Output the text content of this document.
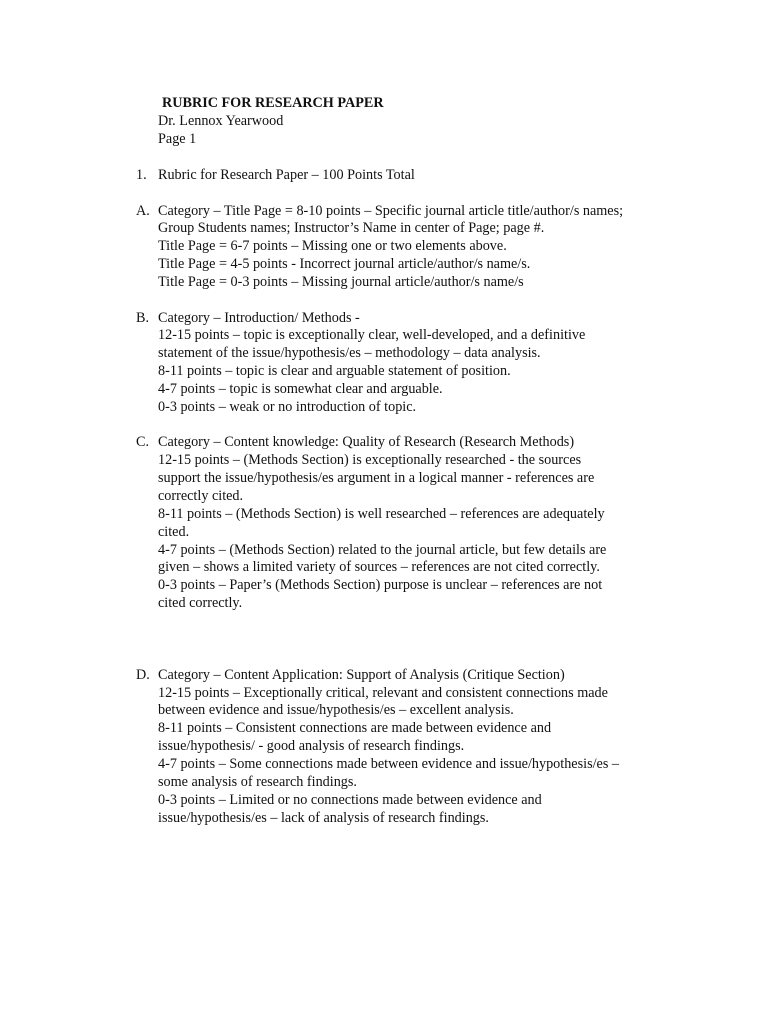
RUBRIC FOR RESEARCH PAPER
Dr. Lennox Yearwood
Page 1
1. Rubric for Research Paper – 100 Points Total
A. Category – Title Page = 8-10 points – Specific journal article title/author/s names;
Group Students names; Instructor’s Name in center of Page; page #.
Title Page = 6-7 points – Missing one or two elements above.
Title Page = 4-5 points - Incorrect journal article/author/s name/s.
Title Page = 0-3 points – Missing journal article/author/s name/s
B. Category – Introduction/ Methods -
12-15 points – topic is exceptionally clear, well-developed, and a definitive
statement of the issue/hypothesis/es – methodology – data analysis.
8-11 points – topic is clear and arguable statement of position.
4-7 points – topic is somewhat clear and arguable.
0-3 points – weak or no introduction of topic.
C. Category – Content knowledge: Quality of Research (Research Methods)
12-15 points – (Methods Section) is exceptionally researched - the sources
support the issue/hypothesis/es argument in a logical manner - references are
correctly cited.
8-11 points – (Methods Section) is well researched – references are adequately
cited.
4-7 points – (Methods Section) related to the journal article, but few details are
given – shows a limited variety of sources – references are not cited correctly.
0-3 points – Paper’s (Methods Section) purpose is unclear – references are not
cited correctly.
D. Category – Content Application: Support of Analysis (Critique Section)
12-15 points – Exceptionally critical, relevant and consistent connections made
between evidence and issue/hypothesis/es – excellent analysis.
8-11 points – Consistent connections are made between evidence and
issue/hypothesis/ - good analysis of research findings.
4-7 points – Some connections made between evidence and issue/hypothesis/es –
some analysis of research findings.
0-3 points – Limited or no connections made between evidence and
issue/hypothesis/es – lack of analysis of research findings.
